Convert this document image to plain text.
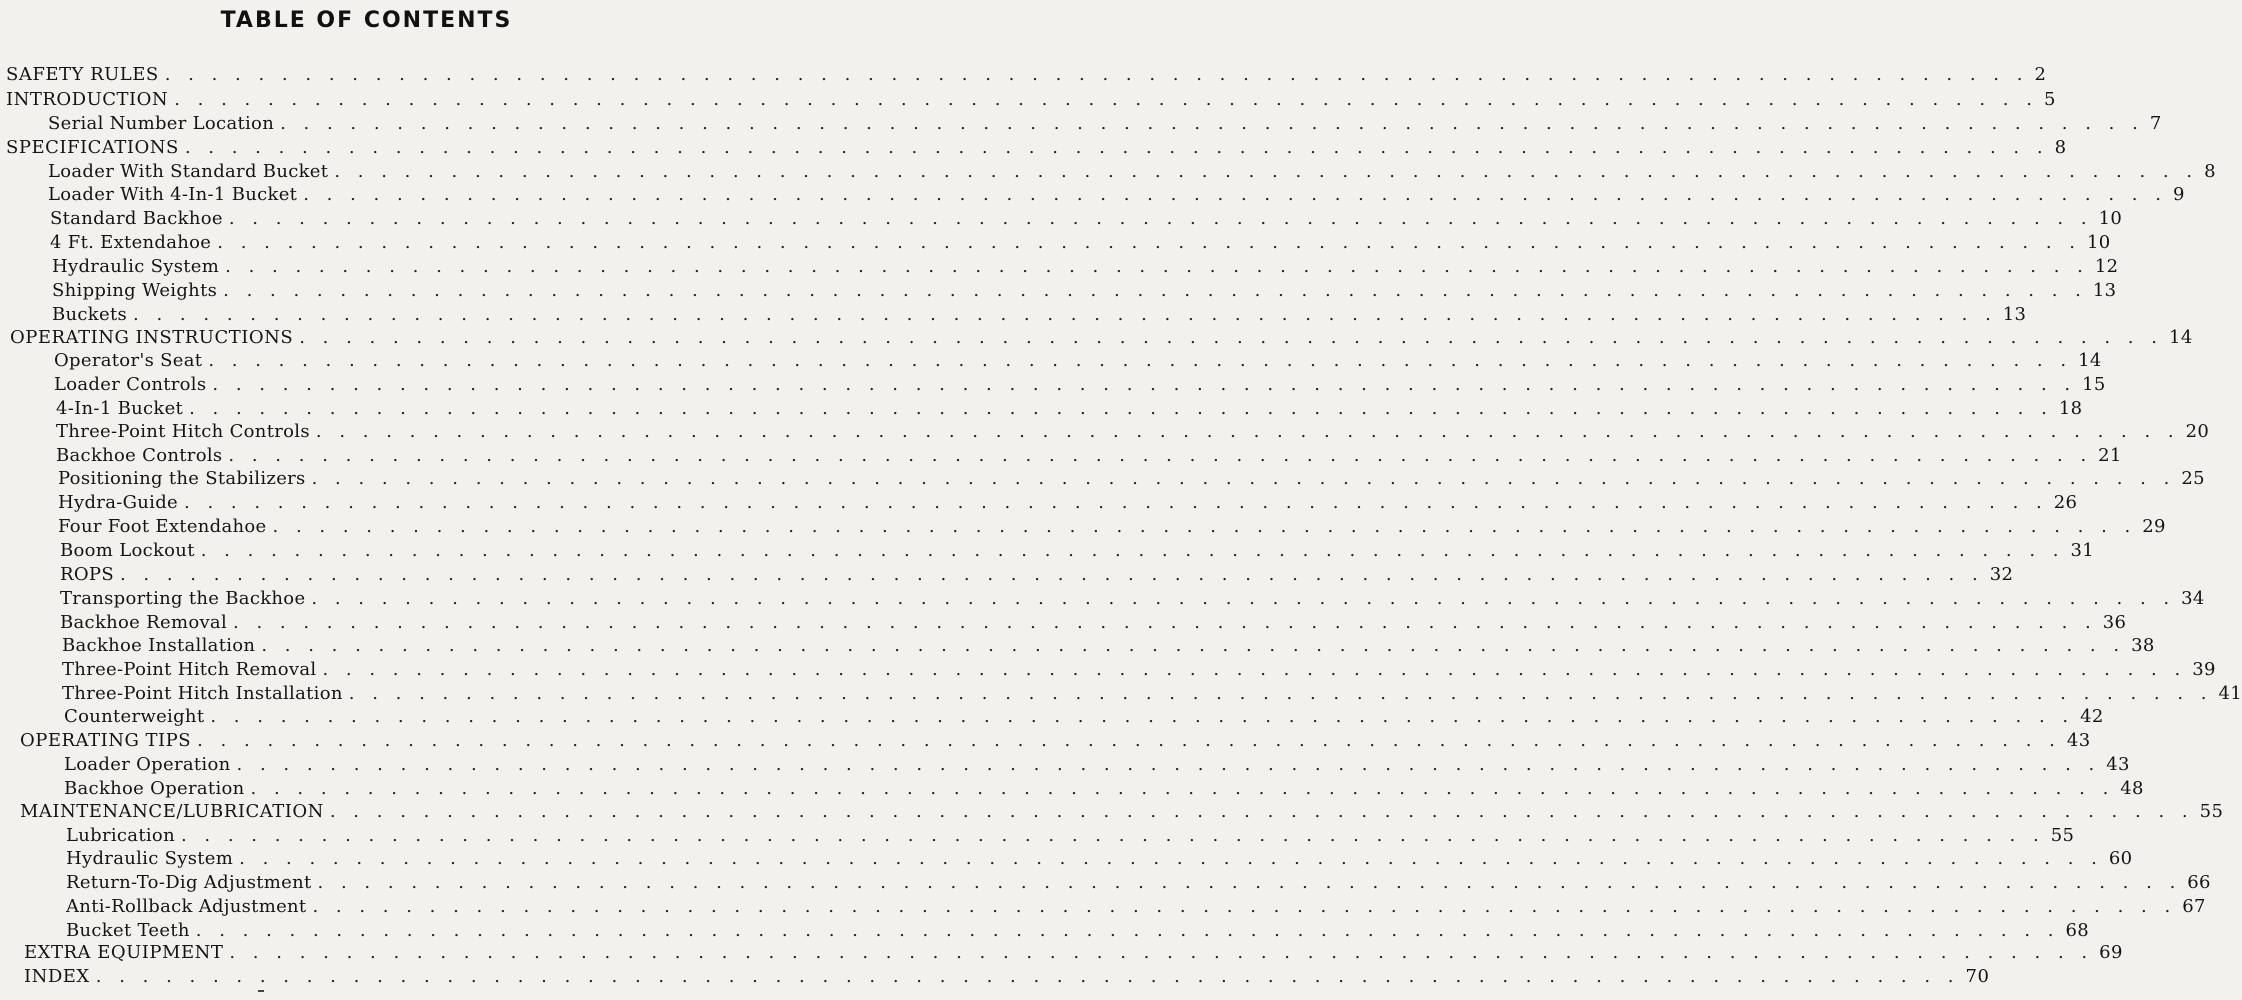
TABLE OF CONTENTS
SAFETY RULES . . . . . . . . . . . . . . . . . . . . . . . . . . . . . . . . . . . . . . . . . . . . . . . . . . . . . . . . . . . . . . . . . . . . . . . . . . . . . . . . 2
INTRODUCTION . . . . . . . . . . . . . . . . . . . . . . . . . . . . . . . . . . . . . . . . . . . . . . . . . . . . . . . . . . . . . . . . . . . . . . . . . . . . . . . . 5
Serial Number Location . . . . . . . . . . . . . . . . . . . . . . . . . . . . . . . . . . . . . . . . . . . . . . . . . . . . . . . . . . . . . . . . . . . . . . . . . . . . . . . . 7
SPECIFICATIONS . . . . . . . . . . . . . . . . . . . . . . . . . . . . . . . . . . . . . . . . . . . . . . . . . . . . . . . . . . . . . . . . . . . . . . . . . . . . . . . . 8
Loader With Standard Bucket . . . . . . . . . . . . . . . . . . . . . . . . . . . . . . . . . . . . . . . . . . . . . . . . . . . . . . . . . . . . . . . . . . . . . . . . . . . . . . . . 8
Loader With 4-In-1 Bucket . . . . . . . . . . . . . . . . . . . . . . . . . . . . . . . . . . . . . . . . . . . . . . . . . . . . . . . . . . . . . . . . . . . . . . . . . . . . . . . . 9
Standard Backhoe . . . . . . . . . . . . . . . . . . . . . . . . . . . . . . . . . . . . . . . . . . . . . . . . . . . . . . . . . . . . . . . . . . . . . . . . . . . . . . . . 10
4 Ft. Extendahoe . . . . . . . . . . . . . . . . . . . . . . . . . . . . . . . . . . . . . . . . . . . . . . . . . . . . . . . . . . . . . . . . . . . . . . . . . . . . . . . . 10
Hydraulic System . . . . . . . . . . . . . . . . . . . . . . . . . . . . . . . . . . . . . . . . . . . . . . . . . . . . . . . . . . . . . . . . . . . . . . . . . . . . . . . . 12
Shipping Weights . . . . . . . . . . . . . . . . . . . . . . . . . . . . . . . . . . . . . . . . . . . . . . . . . . . . . . . . . . . . . . . . . . . . . . . . . . . . . . . . 13
Buckets . . . . . . . . . . . . . . . . . . . . . . . . . . . . . . . . . . . . . . . . . . . . . . . . . . . . . . . . . . . . . . . . . . . . . . . . . . . . . . . . 13
OPERATING INSTRUCTIONS . . . . . . . . . . . . . . . . . . . . . . . . . . . . . . . . . . . . . . . . . . . . . . . . . . . . . . . . . . . . . . . . . . . . . . . . . . . . . . . . 14
Operator's Seat . . . . . . . . . . . . . . . . . . . . . . . . . . . . . . . . . . . . . . . . . . . . . . . . . . . . . . . . . . . . . . . . . . . . . . . . . . . . . . . . 14
Loader Controls . . . . . . . . . . . . . . . . . . . . . . . . . . . . . . . . . . . . . . . . . . . . . . . . . . . . . . . . . . . . . . . . . . . . . . . . . . . . . . . . 15
4-In-1 Bucket . . . . . . . . . . . . . . . . . . . . . . . . . . . . . . . . . . . . . . . . . . . . . . . . . . . . . . . . . . . . . . . . . . . . . . . . . . . . . . . . 18
Three-Point Hitch Controls . . . . . . . . . . . . . . . . . . . . . . . . . . . . . . . . . . . . . . . . . . . . . . . . . . . . . . . . . . . . . . . . . . . . . . . . . . . . . . . . 20
Backhoe Controls . . . . . . . . . . . . . . . . . . . . . . . . . . . . . . . . . . . . . . . . . . . . . . . . . . . . . . . . . . . . . . . . . . . . . . . . . . . . . . . . 21
Positioning the Stabilizers . . . . . . . . . . . . . . . . . . . . . . . . . . . . . . . . . . . . . . . . . . . . . . . . . . . . . . . . . . . . . . . . . . . . . . . . . . . . . . . . 25
Hydra-Guide . . . . . . . . . . . . . . . . . . . . . . . . . . . . . . . . . . . . . . . . . . . . . . . . . . . . . . . . . . . . . . . . . . . . . . . . . . . . . . . . 26
Four Foot Extendahoe . . . . . . . . . . . . . . . . . . . . . . . . . . . . . . . . . . . . . . . . . . . . . . . . . . . . . . . . . . . . . . . . . . . . . . . . . . . . . . . . 29
Boom Lockout . . . . . . . . . . . . . . . . . . . . . . . . . . . . . . . . . . . . . . . . . . . . . . . . . . . . . . . . . . . . . . . . . . . . . . . . . . . . . . . . 31
ROPS . . . . . . . . . . . . . . . . . . . . . . . . . . . . . . . . . . . . . . . . . . . . . . . . . . . . . . . . . . . . . . . . . . . . . . . . . . . . . . . . 32
Transporting the Backhoe . . . . . . . . . . . . . . . . . . . . . . . . . . . . . . . . . . . . . . . . . . . . . . . . . . . . . . . . . . . . . . . . . . . . . . . . . . . . . . . . 34
Backhoe Removal . . . . . . . . . . . . . . . . . . . . . . . . . . . . . . . . . . . . . . . . . . . . . . . . . . . . . . . . . . . . . . . . . . . . . . . . . . . . . . . . 36
Backhoe Installation . . . . . . . . . . . . . . . . . . . . . . . . . . . . . . . . . . . . . . . . . . . . . . . . . . . . . . . . . . . . . . . . . . . . . . . . . . . . . . . . 38
Three-Point Hitch Removal . . . . . . . . . . . . . . . . . . . . . . . . . . . . . . . . . . . . . . . . . . . . . . . . . . . . . . . . . . . . . . . . . . . . . . . . . . . . . . . . 39
Three-Point Hitch Installation . . . . . . . . . . . . . . . . . . . . . . . . . . . . . . . . . . . . . . . . . . . . . . . . . . . . . . . . . . . . . . . . . . . . . . . . . . . . . . . . 41
Counterweight . . . . . . . . . . . . . . . . . . . . . . . . . . . . . . . . . . . . . . . . . . . . . . . . . . . . . . . . . . . . . . . . . . . . . . . . . . . . . . . . 42
OPERATING TIPS . . . . . . . . . . . . . . . . . . . . . . . . . . . . . . . . . . . . . . . . . . . . . . . . . . . . . . . . . . . . . . . . . . . . . . . . . . . . . . . . 43
Loader Operation . . . . . . . . . . . . . . . . . . . . . . . . . . . . . . . . . . . . . . . . . . . . . . . . . . . . . . . . . . . . . . . . . . . . . . . . . . . . . . . . 43
Backhoe Operation . . . . . . . . . . . . . . . . . . . . . . . . . . . . . . . . . . . . . . . . . . . . . . . . . . . . . . . . . . . . . . . . . . . . . . . . . . . . . . . . 48
MAINTENANCE/LUBRICATION . . . . . . . . . . . . . . . . . . . . . . . . . . . . . . . . . . . . . . . . . . . . . . . . . . . . . . . . . . . . . . . . . . . . . . . . . . . . . . . . 55
Lubrication . . . . . . . . . . . . . . . . . . . . . . . . . . . . . . . . . . . . . . . . . . . . . . . . . . . . . . . . . . . . . . . . . . . . . . . . . . . . . . . . 55
Hydraulic System . . . . . . . . . . . . . . . . . . . . . . . . . . . . . . . . . . . . . . . . . . . . . . . . . . . . . . . . . . . . . . . . . . . . . . . . . . . . . . . . 60
Return-To-Dig Adjustment . . . . . . . . . . . . . . . . . . . . . . . . . . . . . . . . . . . . . . . . . . . . . . . . . . . . . . . . . . . . . . . . . . . . . . . . . . . . . . . . 66
Anti-Rollback Adjustment . . . . . . . . . . . . . . . . . . . . . . . . . . . . . . . . . . . . . . . . . . . . . . . . . . . . . . . . . . . . . . . . . . . . . . . . . . . . . . . . 67
Bucket Teeth . . . . . . . . . . . . . . . . . . . . . . . . . . . . . . . . . . . . . . . . . . . . . . . . . . . . . . . . . . . . . . . . . . . . . . . . . . . . . . . . 68
EXTRA EQUIPMENT . . . . . . . . . . . . . . . . . . . . . . . . . . . . . . . . . . . . . . . . . . . . . . . . . . . . . . . . . . . . . . . . . . . . . . . . . . . . . . . . 69
INDEX . . . . . . . . . . . . . . . . . . . . . . . . . . . . . . . . . . . . . . . . . . . . . . . . . . . . . . . . . . . . . . . . . . . . . . . . . . . . . . . . 70
